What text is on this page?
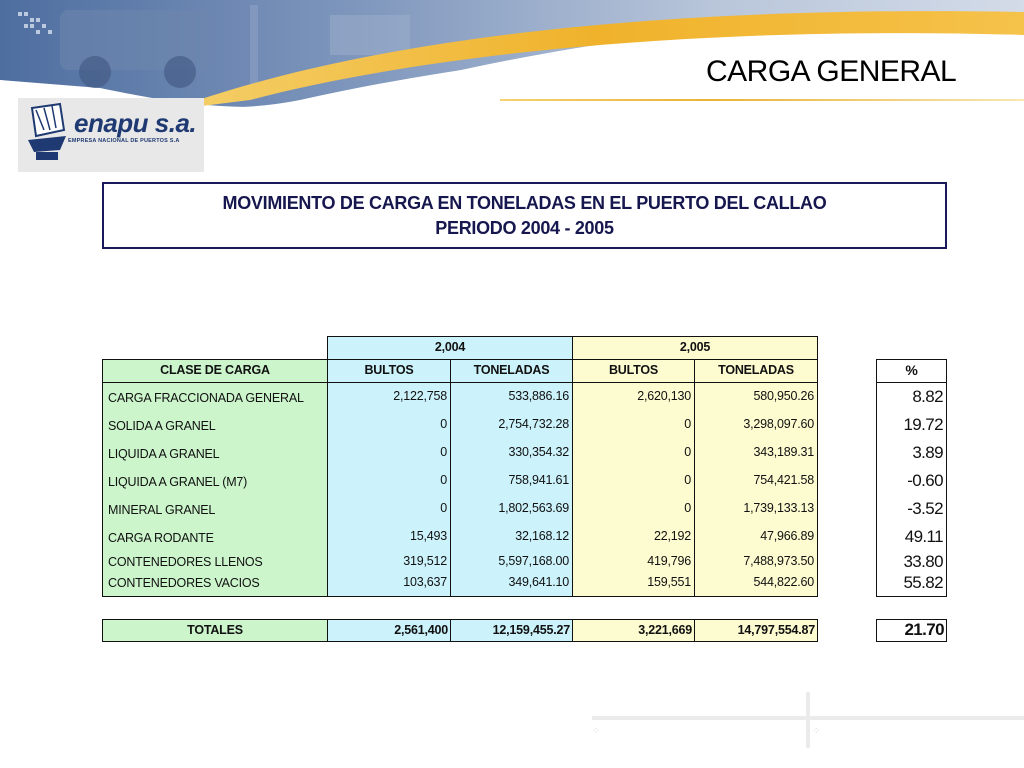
enapu s.a.
EMPRESA NACIONAL DE PUERTOS S.A
CARGA GENERAL
MOVIMIENTO DE CARGA EN TONELADAS EN EL PUERTO DEL CALLAO
PERIODO 2004 - 2005
2,004	2,005
CLASE DE CARGA	BULTOS	TONELADAS	BULTOS	TONELADAS	%
CARGA FRACCIONADA GENERAL	2,122,758	533,886.16	2,620,130	580,950.26	8.82
SOLIDA A GRANEL	0	2,754,732.28	0	3,298,097.60	19.72
LIQUIDA A GRANEL	0	330,354.32	0	343,189.31	3.89
LIQUIDA A GRANEL (M7)	0	758,941.61	0	754,421.58	-0.60
MINERAL GRANEL	0	1,802,563.69	0	1,739,133.13	-3.52
CARGA RODANTE	15,493	32,168.12	22,192	47,966.89	49.11
CONTENEDORES LLENOS	319,512	5,597,168.00	419,796	7,488,973.50	33.80
CONTENEDORES VACIOS	103,637	349,641.10	159,551	544,822.60	55.82
TOTALES	2,561,400	12,159,455.27	3,221,669	14,797,554.87	21.70
⁘	⁘
